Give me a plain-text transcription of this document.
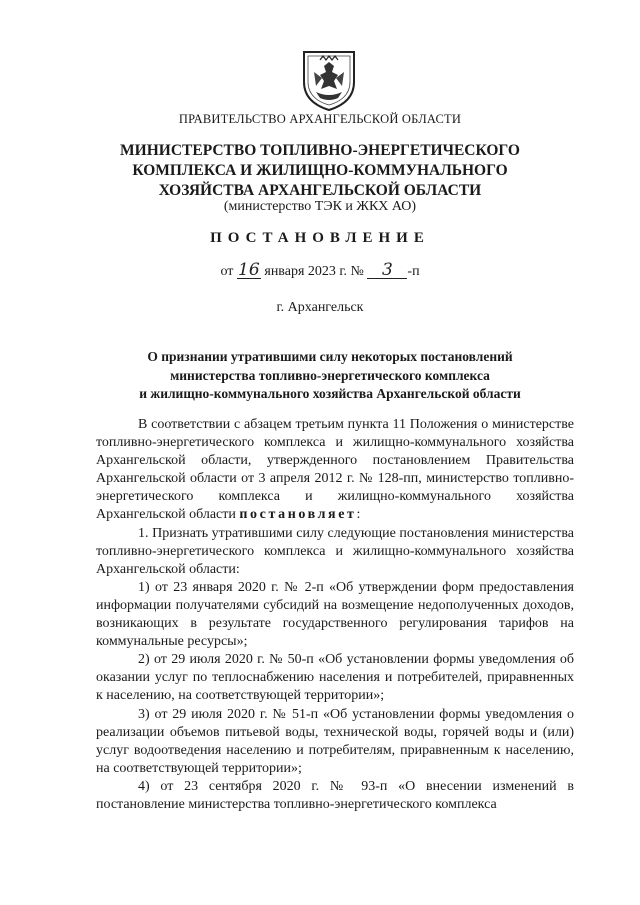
ПРАВИТЕЛЬСТВО АРХАНГЕЛЬСКОЙ ОБЛАСТИ
МИНИСТЕРСТВО ТОПЛИВНО-ЭНЕРГЕТИЧЕСКОГО
КОМПЛЕКСА И ЖИЛИЩНО-КОММУНАЛЬНОГО
ХОЗЯЙСТВА АРХАНГЕЛЬСКОЙ ОБЛАСТИ
(министерство ТЭК и ЖКХ АО)
ПОСТАНОВЛЕНИЕ
от 16 января 2023 г. № 3 -п
г. Архангельск
О признании утратившими силу некоторых постановлений
министерства топливно-энергетического комплекса
и жилищно-коммунального хозяйства Архангельской области

В соответствии с абзацем третьим пункта 11 Положения о министерстве топливно-энергетического комплекса и жилищно-коммунального хозяйства Архангельской области, утвержденного постановлением Правительства Архангельской области от 3 апреля 2012 г. № 128-пп, министерство топливно-энергетического комплекса и жилищно-коммунального хозяйства Архангельской области постановляет:

1. Признать утратившими силу следующие постановления министерства топливно-энергетического комплекса и жилищно-коммунального хозяйства Архангельской области:

1) от 23 января 2020 г. № 2-п «Об утверждении форм предоставления информации получателями субсидий на возмещение недополученных доходов, возникающих в результате государственного регулирования тарифов на коммунальные ресурсы»;

2) от 29 июля 2020 г. № 50-п «Об установлении формы уведомления об оказании услуг по теплоснабжению населения и потребителей, приравненных к населению, на соответствующей территории»;

3) от 29 июля 2020 г. № 51-п «Об установлении формы уведомления о реализации объемов питьевой воды, технической воды, горячей воды и (или) услуг водоотведения населению и потребителям, приравненным к населению, на соответствующей территории»;

4) от 23 сентября 2020 г. № 93-п «О внесении изменений в постановление министерства топливно-энергетического комплекса
